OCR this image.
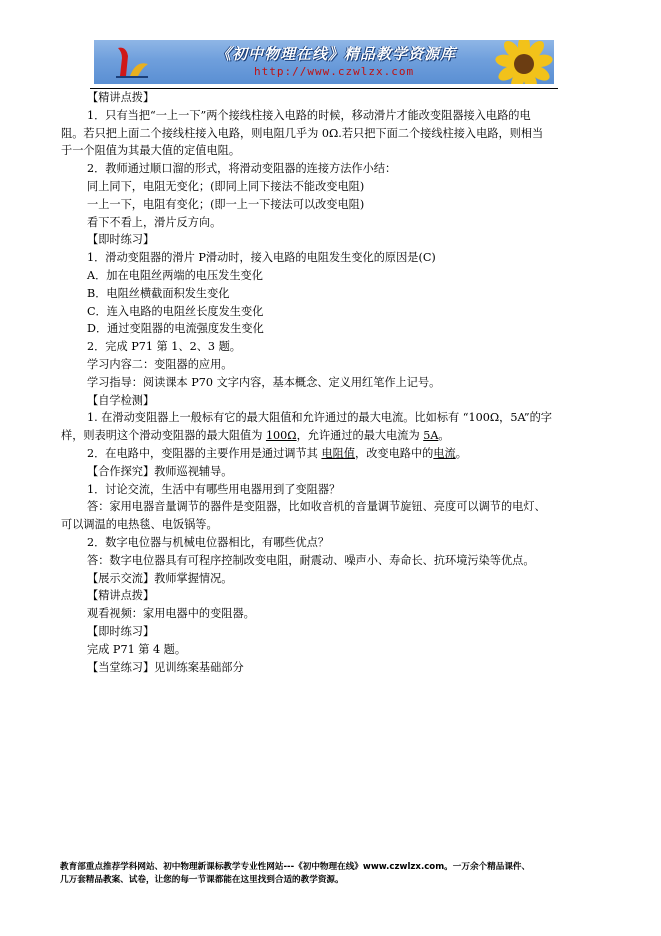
《初中物理在线》精品教学资源库
http://www.czwlzx.com

【精讲点拨】

1．只有当把“一上一下”两个接线柱接入电路的时候，移动滑片才能改变阻器接入电路的电

阻。若只把上面二个接线柱接入电路，则电阻几乎为 0Ω.若只把下面二个接线柱接入电路，则相当

于一个阻值为其最大值的定值电阻。

2．教师通过顺口溜的形式，将滑动变阻器的连接方法作小结：

同上同下，电阻无变化；(即同上同下接法不能改变电阻)

一上一下，电阻有变化；(即一上一下接法可以改变电阻)

看下不看上，滑片反方向。

【即时练习】

1．滑动变阻器的滑片 P滑动时，接入电路的电阻发生变化的原因是(C)

A．加在电阻丝两端的电压发生变化

B．电阻丝横截面积发生变化

C．连入电路的电阻丝长度发生变化

D．通过变阻器的电流强度发生变化

2．完成 P71 第 1、2、3 题。

学习内容二：变阻器的应用。

学习指导：阅读课本 P70 文字内容，基本概念、定义用红笔作上记号。

【自学检测】

1. 在滑动变阻器上一般标有它的最大阻值和允许通过的最大电流。比如标有 “100Ω，5A”的字

样，则表明这个滑动变阻器的最大阻值为 100Ω，允许通过的最大电流为 5A。

2．在电路中，变阻器的主要作用是通过调节其 电阻值，改变电路中的电流。

【合作探究】教师巡视辅导。

1．讨论交流，生活中有哪些用电器用到了变阻器？

答：家用电器音量调节的器件是变阻器，比如收音机的音量调节旋钮、亮度可以调节的电灯、

可以调温的电热毯、电饭锅等。

2．数字电位器与机械电位器相比，有哪些优点？

答：数字电位器具有可程序控制改变电阻，耐震动、噪声小、寿命长、抗环境污染等优点。

【展示交流】教师掌握情况。

【精讲点拨】

观看视频：家用电器中的变阻器。

【即时练习】

完成 P71 第 4 题。

【当堂练习】见训练案基础部分

教育部重点推荐学科网站、初中物理新课标教学专业性网站---《初中物理在线》www.czwlzx.com。一万余个精品课件、
几万套精品教案、试卷，让您的每一节课都能在这里找到合适的教学资源。
